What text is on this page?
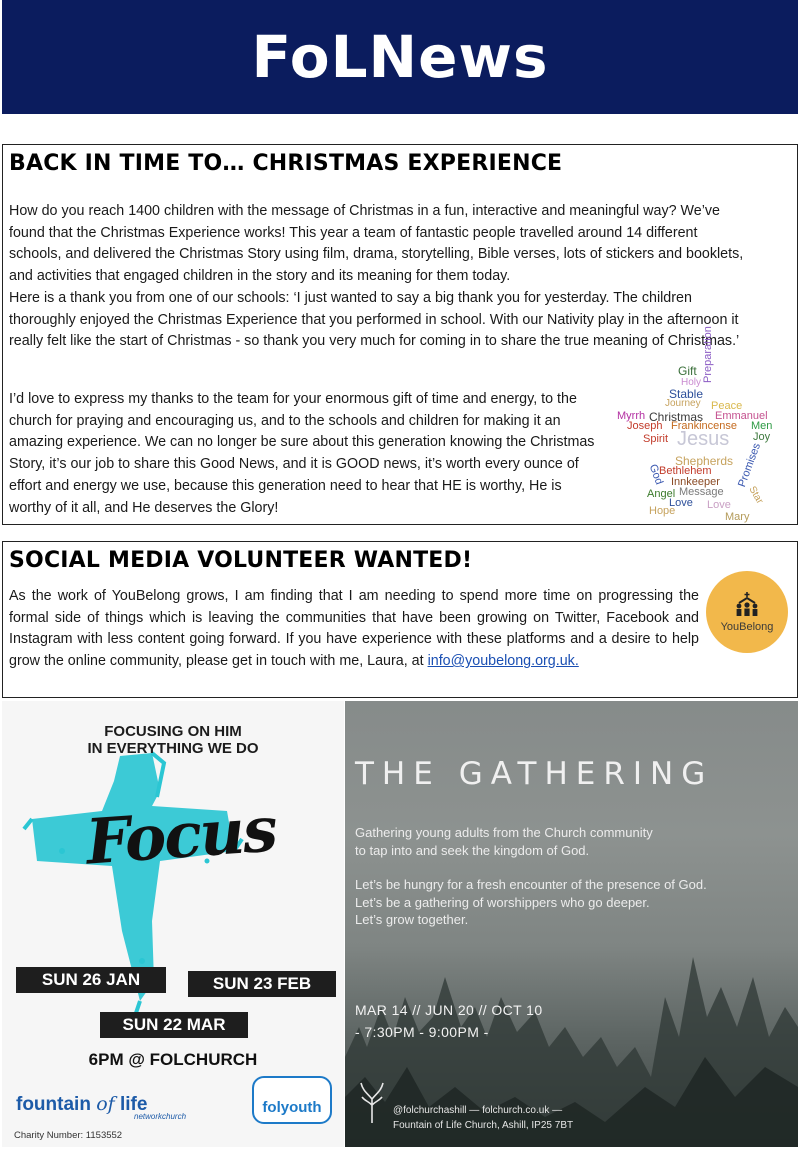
FoLNews
BACK IN TIME TO… CHRISTMAS EXPERIENCE

How do you reach 1400 children with the message of Christmas in a fun, interactive and meaningful way? We’ve found that the Christmas Experience works! This year a team of fantastic people travelled around 14 different schools, and delivered the Christmas Story using film, drama, storytelling, Bible verses, lots of stickers and booklets, and activities that engaged children in the story and its meaning for them today.

Here is a thank you from one of our schools: ‘I just wanted to say a big thank you for yesterday. The children thoroughly enjoyed the Christmas Experience that you performed in school. With our Nativity play in the afternoon it really felt like the start of Christmas - so thank you very much for coming in to share the true meaning of Christmas.’

I’d love to express my thanks to the team for your enormous gift of time and energy, to the church for praying and encouraging us, and to the schools and children for making it an amazing experience. We can no longer be sure about this generation knowing the Christmas Story, it’s our job to share this Good News, and it is GOOD news, it’s worth every ounce of effort and energy we use, because this generation need to hear that HE is worthy, He is worthy of it all, and He deserves the Glory!

Gift
Holy Preparation
Stable
Journey Peace
Myrrh Christmas Emmanuel
Joseph Frankincense Men
Joy
Spirit Jesus
Promises
God
Shepherds
Bethlehem
Innkeeper
Angel Message Star
Love
Hope	Love
Mary
SOCIAL MEDIA VOLUNTEER WANTED!

As the work of YouBelong grows, I am finding that I am needing to spend more time on progressing the formal side of things which is leaving the communities that have been growing on Twitter, Facebook and Instagram with less content going forward. If you have experience with these platforms and a desire to help grow the online community, please get in touch with me, Laura, at info@youbelong.org.uk.

YouBelong
FOCUSING ON HIM
IN EVERYTHING WE DO
Focus
SUN 26 JAN	SUN 23 FEB
SUN 22 MAR
6PM @ FOLCHURCH
fountain of life
networkchurch
folyouth
Charity Number: 1153552
THE GATHERING
Gathering young adults from the Church community
to tap into and seek the kingdom of God.
Let’s be hungry for a fresh encounter of the presence of God.
Let’s be a gathering of worshippers who go deeper.
Let’s grow together.
MAR 14 // JUN 20 // OCT 10
- 7:30PM - 9:00PM -
@folchurchashill — folchurch.co.uk —
Fountain of Life Church, Ashill, IP25 7BT
